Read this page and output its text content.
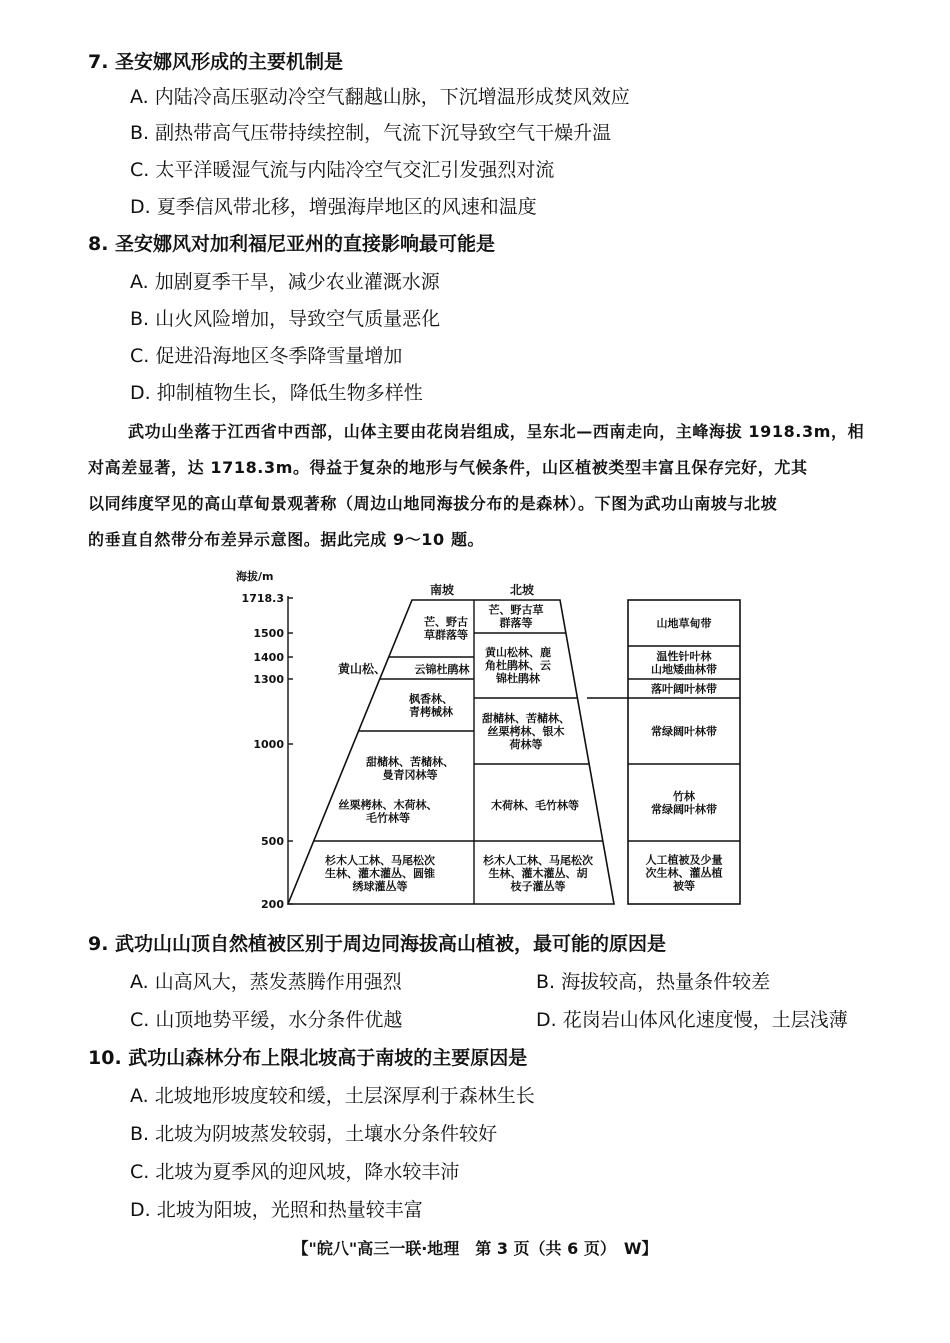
7. 圣安娜风形成的主要机制是
A. 内陆冷高压驱动冷空气翻越山脉，下沉增温形成焚风效应
B. 副热带高气压带持续控制，气流下沉导致空气干燥升温
C. 太平洋暖湿气流与内陆冷空气交汇引发强烈对流
D. 夏季信风带北移，增强海岸地区的风速和温度
8. 圣安娜风对加利福尼亚州的直接影响最可能是
A. 加剧夏季干旱，减少农业灌溉水源
B. 山火风险增加，导致空气质量恶化
C. 促进沿海地区冬季降雪量增加
D. 抑制植物生长，降低生物多样性
武功山坐落于江西省中西部，山体主要由花岗岩组成，呈东北—西南走向，主峰海拔 1918.3m，相
对高差显著，达 1718.3m。得益于复杂的地形与气候条件，山区植被类型丰富且保存完好，尤其
以同纬度罕见的高山草甸景观著称（周边山地同海拔分布的是森林）。下图为武功山南坡与北坡
的垂直自然带分布差异示意图。据此完成 9～10 题。
海拔/m
1718.3
1500
1400
1300
1000
500
200
南坡	北坡
黄山松、
芒、野古
草群落等
云锦杜鹃林
枫香林、
青栲械林
甜槠林、苦槠林、
曼青冈林等
丝栗栲林、木荷林、
毛竹林等
杉木人工林、马尾松次
生林、灌木灌丛、圆锥
绣球灌丛等
芒、野古草
群落等
黄山松林、鹿
角杜鹃林、云
锦杜鹃林
甜槠林、苦槠林、
丝栗栲林、银木
荷林等
木荷林、毛竹林等
杉木人工林、马尾松次
生林、灌木灌丛、胡
枝子灌丛等
山地草甸带
温性针叶林
山地矮曲林带
落叶阔叶林带
常绿阔叶林带
竹林
常绿阔叶林带
人工植被及少量
次生林、灌丛植
被等
9. 武功山山顶自然植被区别于周边同海拔高山植被，最可能的原因是
A. 山高风大，蒸发蒸腾作用强烈	B. 海拔较高，热量条件较差
C. 山顶地势平缓，水分条件优越	D. 花岗岩山体风化速度慢，土层浅薄
10. 武功山森林分布上限北坡高于南坡的主要原因是
A. 北坡地形坡度较和缓，土层深厚利于森林生长
B. 北坡为阴坡蒸发较弱，土壤水分条件较好
C. 北坡为夏季风的迎风坡，降水较丰沛
D. 北坡为阳坡，光照和热量较丰富
【"皖八"高三一联·地理　第 3 页（共 6 页）　W】
